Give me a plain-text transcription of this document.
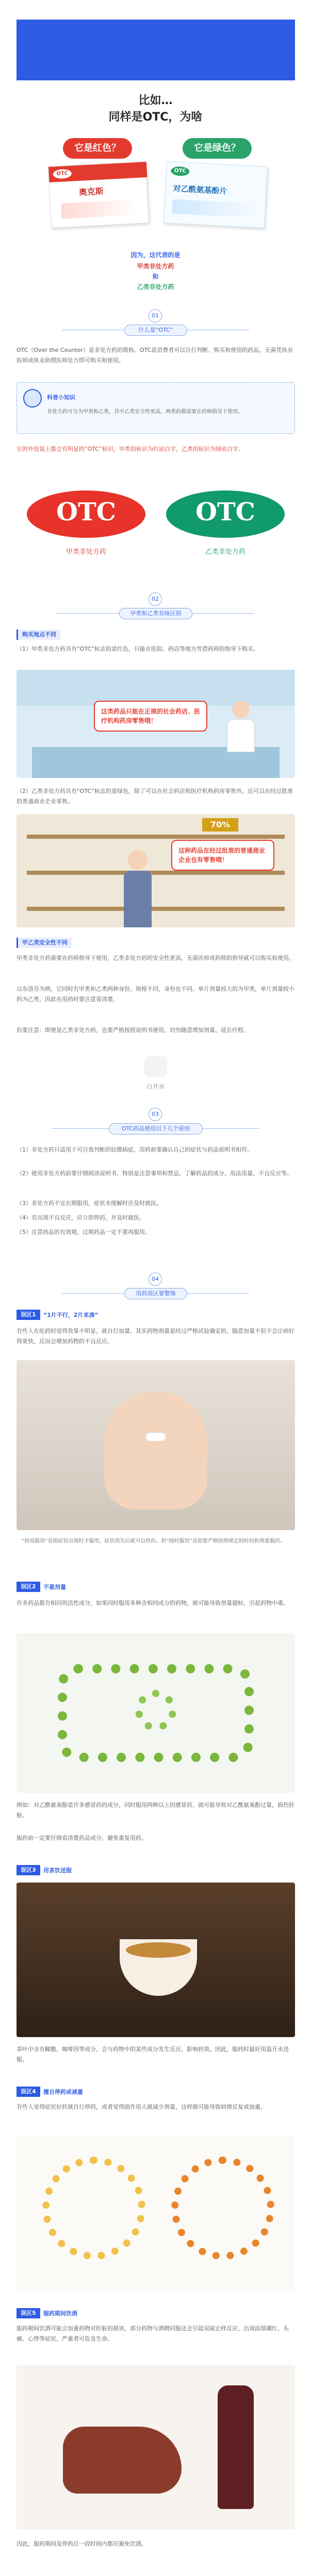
比如…
同样是OTC，为啥
它是红色？	它是绿色？
OTC
奥克斯
OTC
对乙酰氨基酚片
因为，这代表的是
甲类非处方药
和
乙类非处方药
01
什么是“OTC”
OTC（Over the Counter）是非处方药的简称。OTC是消费者可以自行判断、购买和使用的药品，无需凭执业医师或执业助理医师处方即可购买和使用。
科普小知识
非处方药可分为甲类和乙类，其中乙类安全性更高。两类药都需要在药师指导下使用。
它的外包装上都会有明显的“OTC”标识，甲类的标识为红底白字，乙类的标识为绿底白字。
OTC	OTC
甲类非处方药	乙类非处方药
02
甲类和乙类有啥区别
购买地点不同
（1）甲类非处方药具有“OTC”标志的是红色，只能在医院、药店等地方凭借药师的指导下购买。
这类药品只能在正规的社会药店、医疗机构药房零售哦！
（2）乙类非处方药具有“OTC”标志的是绿色，除了可以在社会药店和医疗机构药房零售外，还可以在经过批准的普通商业企业零售。
70%
这种药品在经过批准的普通商业企业也有零售哦！
甲乙类安全性不同
甲类非处方药需要在药师指导下使用，乙类非处方药的安全性更高，无需医师或药师的指导就可以购买和使用。
以布洛芬为例，它同时有甲类和乙类两种身份，规格不同，身份也不同。单片剂量较大的为甲类，单片剂量较小的为乙类，因此在用药时要注意看清楚。
但要注意：即便是乙类非处方药，也要严格按照说明书使用，切勿随意增加剂量、延长疗程。
白开水
03
OTC药品使用以下几个原则
（1）非处方药只适用于可自我判断的轻微病症，用药前要确认自己的症状与药品说明书相符。
（2）使用非处方药前要仔细阅读说明书，特别是注意事项和禁忌，了解药品的成分、用法用量、不良反应等。
（3）非处方药不宜长期服用，症状未缓解时应及时就医。
（4）若出现不良反应，应立即停药，并及时就医。
（5）注意药品的有效期，过期药品一定不要再服用。
04
用药误区要警惕
误区1	“1片不行，2片来凑”
有些人在吃药时觉得效果不明显，就自行加量。其实药物剂量是经过严格试验确定的，随意加量不但不会让病好得更快，反而会增加药物的不良反应。
“按需服用”是指症状出现时才服用，症状消失后就可以停药。但“按时服用”是指要严格按照规定的时间和剂量服药。
误区2	不重剂量
许多药品都有相同的活性成分，如果同时服用多种含相同成分的药物，就可能导致剂量超标，引起药物中毒。
例如：对乙酰氨基酚是许多感冒药的成分，同时服用两种以上的感冒药，就可能导致对乙酰氨基酚过量，损伤肝脏。
服药前一定要仔细看清楚药品成分，避免重复用药。
误区3	用茶饮送服
茶叶中含有鞣酸、咖啡因等成分，会与药物中的某些成分发生反应，影响药效。因此，服药时最好用温开水送服。
误区4	擅自停药或减量
有些人觉得症状好转就自行停药，或者觉得副作用大就减少剂量，这样做可能导致病情反复或加重。
误区5	服药期间饮酒
服药期间饮酒可能会加重药物对肝脏的损害，部分药物与酒精同服还会引起双硫仑样反应，出现面部潮红、头痛、心悸等症状，严重者可危及生命。
因此，服药期间及停药后一段时间内都应避免饮酒。
